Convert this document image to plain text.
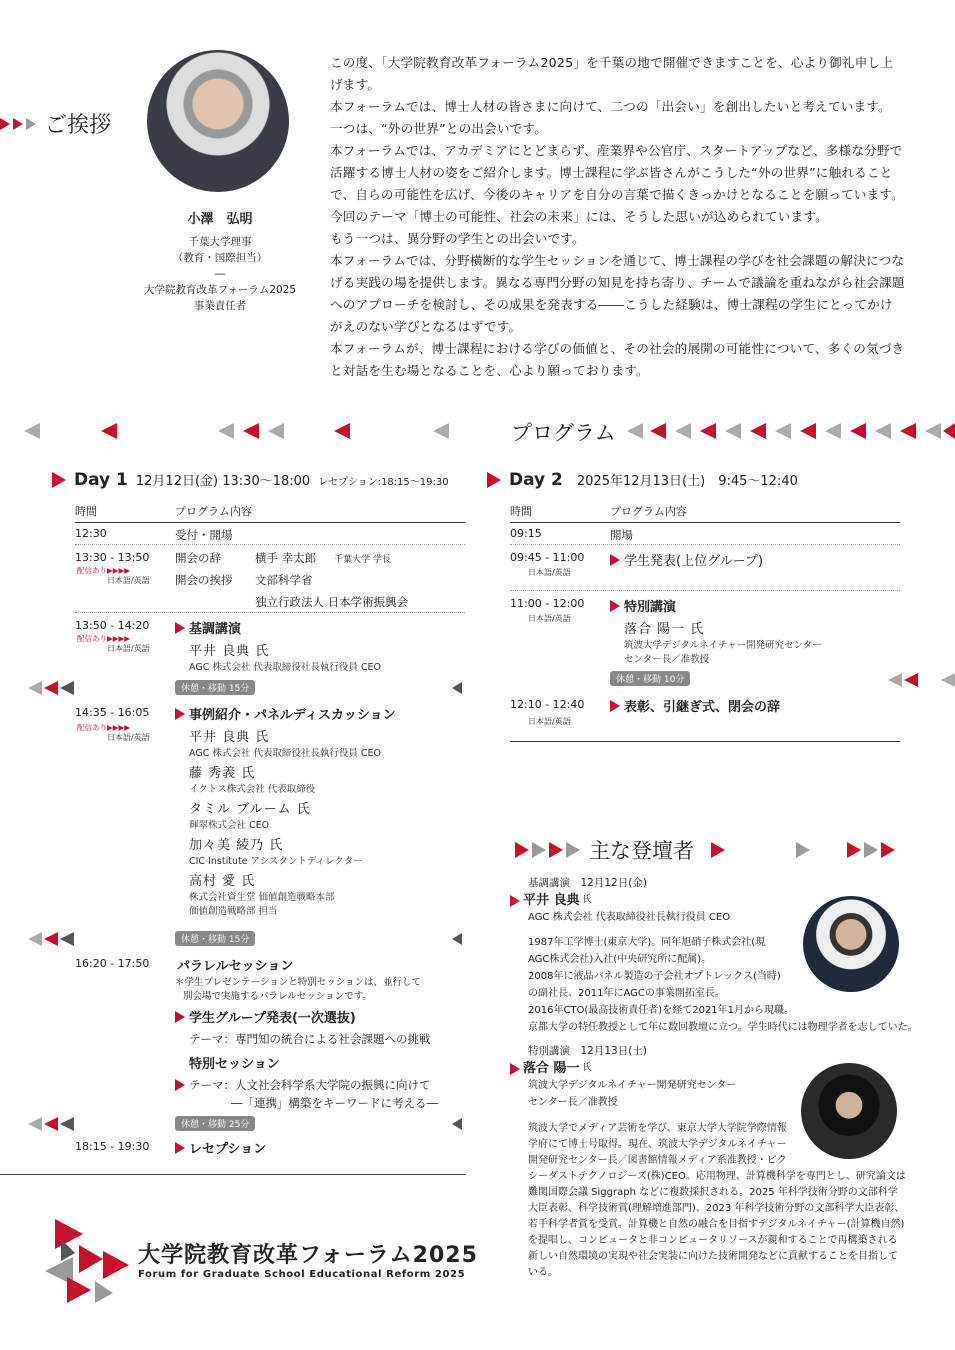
ご挨拶
小澤　弘明
千葉大学理事
（教育・国際担当）
―
大学院教育改革フォーラム2025
事業責任者

この度、「大学院教育改革フォーラム2025」を千葉の地で開催できますことを、心より御礼申し上げます。

本フォーラムでは、博士人材の皆さまに向けて、二つの「出会い」を創出したいと考えています。

一つは、“外の世界”との出会いです。

本フォーラムでは、アカデミアにとどまらず、産業界や公官庁、スタートアップなど、多様な分野で活躍する博士人材の姿をご紹介します。博士課程に学ぶ皆さんがこうした“外の世界”に触れることで、自らの可能性を広げ、今後のキャリアを自分の言葉で描くきっかけとなることを願っています。今回のテーマ「博士の可能性、社会の未来」には、そうした思いが込められています。

もう一つは、異分野の学生との出会いです。

本フォーラムでは、分野横断的な学生セッションを通じて、博士課程の学びを社会課題の解決につなげる実践の場を提供します。異なる専門分野の知見を持ち寄り、チームで議論を重ねながら社会課題へのアプローチを検討し、その成果を発表する――こうした経験は、博士課程の学生にとってかけがえのない学びとなるはずです。

本フォーラムが、博士課程における学びの価値と、その社会的展開の可能性について、多くの気づきと対話を生む場となることを、心より願っております。

プログラム
Day 1 12月12日(金) 13:30～18:00 レセプション:18:15～19:30
時間	プログラム内容
12:30	受付・開場
13:30 - 13:50
配信あり▶▶▶▶
日本語/英語
開会の辞	横手 幸太郎 千葉大学 学長
開会の挨拶	文部科学省
独立行政法人 日本学術振興会
13:50 - 14:20
配信あり▶▶▶▶
日本語/英語
基調講演
平井 良典 氏
AGC 株式会社 代表取締役社長執行役員 CEO
休憩・移動 15分
14:35 - 16:05
配信あり▶▶▶▶
日本語/英語
事例紹介・パネルディスカッション
平井 良典 氏
AGC 株式会社 代表取締役社長執行役員 CEO
藤 秀義 氏
イクトス株式会社 代表取締役
タミル ブルーム 氏
輝翠株式会社 CEO
加々美 綾乃 氏
CIC Institute アシスタントディレクター
高村 愛 氏
株式会社資生堂 価値創造戦略本部
価値創造戦略部 担当
休憩・移動 15分
16:20 - 17:50 パラレルセッション
＊学生プレゼンテーションと特別セッションは、並行して
別会場で実施するパラレルセッションです。
学生グループ発表(一次選抜)
テーマ：専門知の統合による社会課題への挑戦
特別セッション
テーマ：人文社会科学系大学院の振興に向けて
―「連携」構築をキーワードに考える―
休憩・移動 25分
18:15 - 19:30	レセプション
Day 2 2025年12月13日(土)　9:45～12:40
時間	プログラム内容
09:15	開場
09:45 - 11:00
日本語/英語
学生発表(上位グループ)
11:00 - 12:00
日本語/英語
特別講演
落合 陽一 氏
筑波大学デジタルネイチャー開発研究センター
センター長／准教授
休憩・移動 10分
12:10 - 12:40
日本語/英語
表彰、引継ぎ式、閉会の辞
主な登壇者
基調講演　12月12日(金)
平井 良典 氏
AGC 株式会社 代表取締役社長執行役員 CEO
1987年工学博士(東京大学)。同年旭硝子株式会社(現
AGC株式会社)入社(中央研究所に配属)。
2008年に液晶パネル製造の子会社オプトレックス(当時)
の副社長、2011年にAGCの事業開拓室長。
2016年CTO(最高技術責任者)を経て2021年1月から現職。
京都大学の特任教授として年に数回教壇に立つ。学生時代には物理学者を志していた。
特別講演　12月13日(土)
落合 陽一 氏
筑波大学デジタルネイチャー開発研究センター
センター長／准教授
筑波大学でメディア芸術を学び、東京大学大学院学際情報
学府にて博士号取得。現在、筑波大学デジタルネイチャー
開発研究センター長／図書館情報メディア系准教授・ピク
シーダストテクノロジーズ(株)CEO。応用物理、計算機科学を専門とし、研究論文は
難関国際会議 Siggraph などに複数採択される。2025 年科学技術分野の文部科学
大臣表彰、科学技術賞(理解増進部門)、2023 年科学技術分野の文部科学大臣表彰、
若手科学者賞を受賞。計算機と自然の融合を目指すデジタルネイチャー(計算機自然)
を提唱し、コンピュータと非コンピュータリソースが親和することで再構築される
新しい自然環境の実現や社会実装に向けた技術開発などに貢献することを目指して
いる。
大学院教育改革フォーラム2025
Forum for Graduate School Educational Reform 2025
